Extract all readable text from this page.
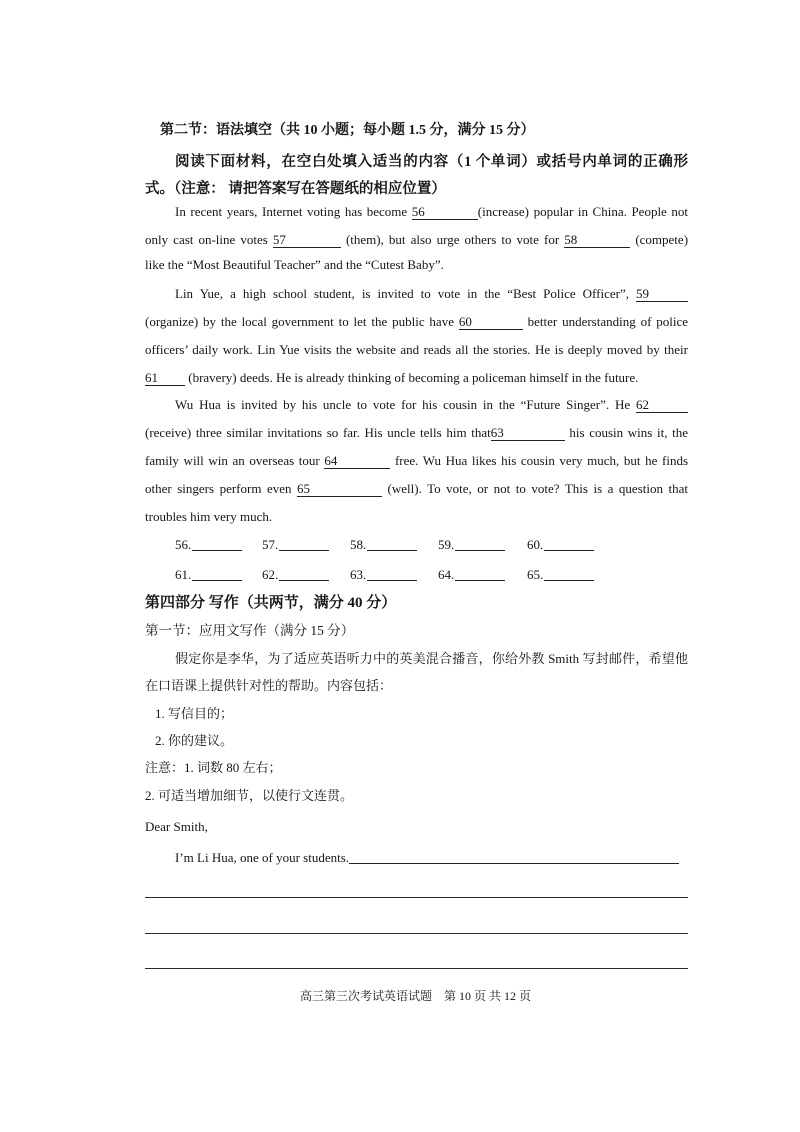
第二节：语法填空（共 10 小题；每小题 1.5 分，满分 15 分）
阅读下面材料，在空白处填入适当的内容（1 个单词）或括号内单词的正确形
式。（注意： 请把答案写在答题纸的相应位置）
In recent years, Internet voting has become 56	(increase) popular in China. People not
only cast on-line votes 57	(them), but also urge others to vote for 58	(compete)
like the “Most Beautiful Teacher” and the “Cutest Baby”.
Lin Yue, a high school student, is invited to vote in the “Best Police Officer”, 59
(organize) by the local government to let the public have 60	better understanding of police
officers’ daily work. Lin Yue visits the website and reads all the stories. He is deeply moved by their
61 (bravery) deeds. He is already thinking of becoming a policeman himself in the future.
Wu Hua is invited by his uncle to vote for his cousin in the “Future Singer”. He 62
(receive) three similar invitations so far. His uncle tells him that63	his cousin wins it, the
family will win an overseas tour 64	free. Wu Hua likes his cousin very much, but he finds
other singers perform even 65	(well). To vote, or not to vote? This is a question that
troubles him very much.
56.	57.	58.	59.	60.
61.	62.	63.	64.	65.
第四部分 写作（共两节，满分 40 分）
第一节：应用文写作（满分 15 分）
假定你是李华，为了适应英语听力中的英美混合播音，你给外教 Smith 写封邮件，希望他
在口语课上提供针对性的帮助。内容包括：
1. 写信目的；
2. 你的建议。
注意：1. 词数 80 左右；
2. 可适当增加细节，以使行文连贯。
Dear Smith,
I’m Li Hua, one of your students.
高三第三次考试英语试题 第 10 页 共 12 页
